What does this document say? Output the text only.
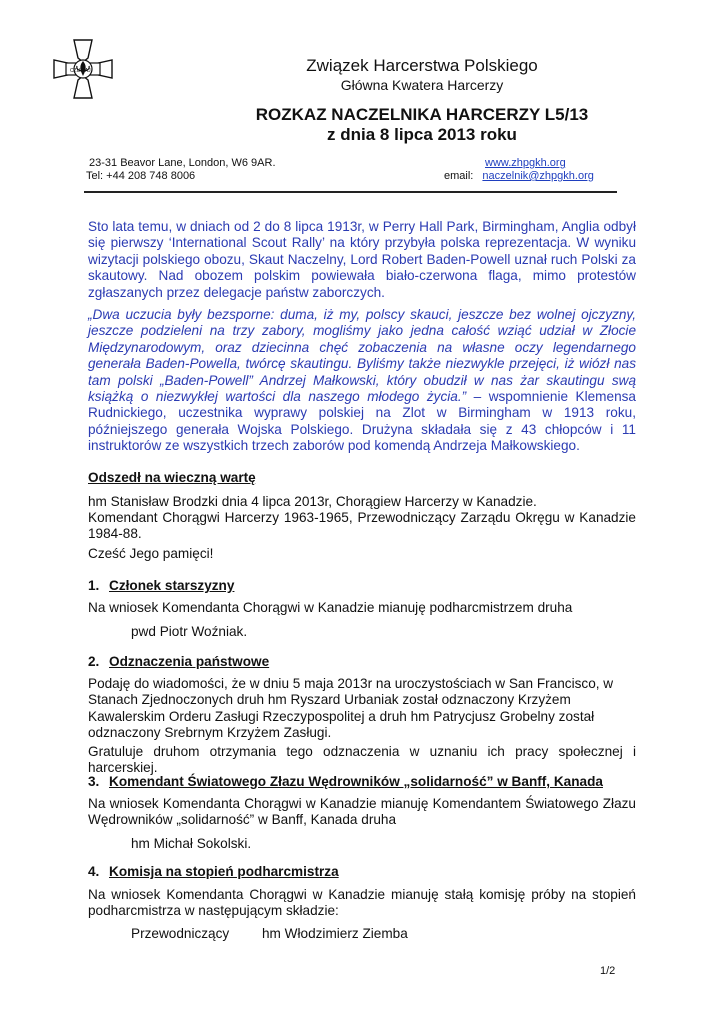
CZUWAJ	Związek Harcerstwa Polskiego
Główna Kwatera Harcerzy
ROZKAZ NACZELNIKA HARCERZY L5/13
z dnia 8 lipca 2013 roku
23-31 Beavor Lane, London, W6 9AR.
Tel: +44 208 748 8006
www.zhpgkh.org
email: naczelnik@zhpgkh.org

Sto lata temu, w dniach od 2 do 8 lipca 1913r, w Perry Hall Park, Birmingham, Anglia odbył się pierwszy ‘International Scout Rally’ na który przybyła polska reprezentacja. W wyniku wizytacji polskiego obozu, Skaut Naczelny, Lord Robert Baden-Powell uznał ruch Polski za skautowy. Nad obozem polskim powiewała biało-czerwona flaga, mimo protestów zgłaszanych przez delegacje państw zaborczych.

„Dwa uczucia były bezsporne: duma, iż my, polscy skauci, jeszcze bez wolnej ojczyzny, jeszcze podzieleni na trzy zabory, mogliśmy jako jedna całość wziąć udział w Złocie Międzynarodowym, oraz dziecinna chęć zobaczenia na własne oczy legendarnego generała Baden-Powella, twórcę skautingu. Byliśmy także niezwykle przejęci, iż wiózł nas tam polski „Baden-Powell” Andrzej Małkowski, który obudził w nas żar skautingu swą książką o niezwykłej wartości dla naszego młodego życia.” – wspomnienie Klemensa Rudnickiego, uczestnika wyprawy polskiej na Zlot w Birmingham w 1913 roku, późniejszego generała Wojska Polskiego. Drużyna składała się z 43 chłopców i 11 instruktorów ze wszystkich trzech zaborów pod komendą Andrzeja Małkowskiego.

Odszedł na wieczną wartę
hm Stanisław Brodzki dnia 4 lipca 2013r, Chorągiew Harcerzy w Kanadzie.
Komendant Chorągwi Harcerzy 1963-1965, Przewodniczący Zarządu Okręgu w Kanadzie 1984-88.
Cześć Jego pamięci!
1. Członek starszyzny
Na wniosek Komendanta Chorągwi w Kanadzie mianuję podharcmistrzem druha
pwd Piotr Woźniak.
2. Odznaczenia państwowe
Podaję do wiadomości, że w dniu 5 maja 2013r na uroczystościach w San Francisco, w Stanach Zjednoczonych druh hm Ryszard Urbaniak został odznaczony Krzyżem Kawalerskim Orderu Zasługi Rzeczypospolitej a druh hm Patrycjusz Grobelny został odznaczony Srebrnym Krzyżem Zasługi.
Gratuluje druhom otrzymania tego odznaczenia w uznaniu ich pracy społecznej i harcerskiej.
3. Komendant Światowego Złazu Wędrowników „solidarność” w Banff, Kanada
Na wniosek Komendanta Chorągwi w Kanadzie mianuję Komendantem Światowego Złazu Wędrowników „solidarność” w Banff, Kanada druha
hm Michał Sokolski.
4. Komisja na stopień podharcmistrza
Na wniosek Komendanta Chorągwi w Kanadzie mianuję stałą komisję próby na stopień podharcmistrza w następującym składzie:
Przewodniczący hm Włodzimierz Ziemba
1/2
